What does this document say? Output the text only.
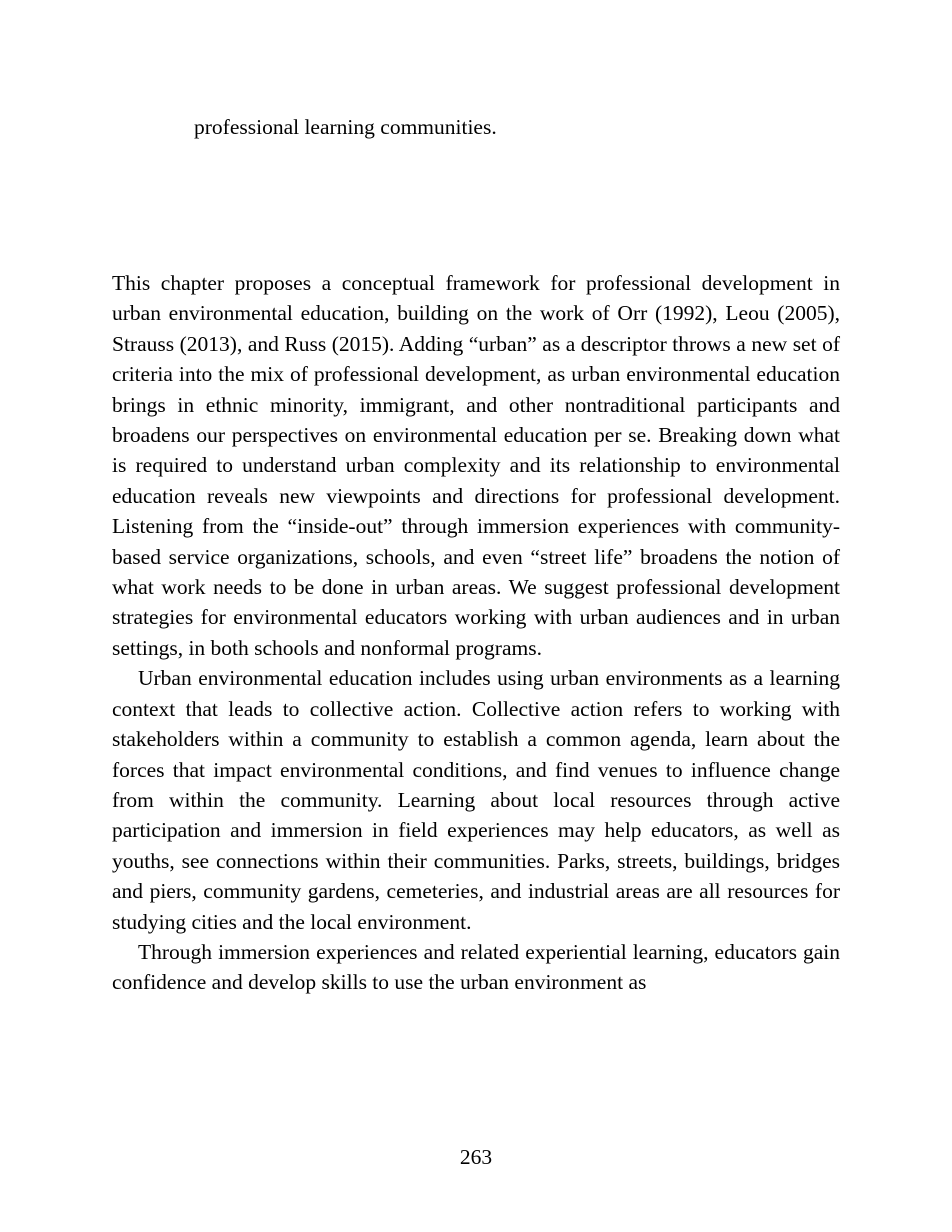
professional learning communities.

This chapter proposes a conceptual framework for professional development in urban environmental education, building on the work of Orr (1992), Leou (2005), Strauss (2013), and Russ (2015). Adding “urban” as a descriptor throws a new set of criteria into the mix of professional development, as urban environmental education brings in ethnic minority, immigrant, and other nontraditional participants and broadens our perspectives on environmental education per se. Breaking down what is required to understand urban complexity and its relationship to environmental education reveals new viewpoints and directions for professional development. Listening from the “inside-out” through immersion experiences with community-based service organizations, schools, and even “street life” broadens the notion of what work needs to be done in urban areas. We suggest professional development strategies for environmental educators working with urban audiences and in urban settings, in both schools and nonformal programs.

Urban environmental education includes using urban environments as a learning context that leads to collective action. Collective action refers to working with stakeholders within a community to establish a common agenda, learn about the forces that impact environmental conditions, and find venues to influence change from within the community. Learning about local resources through active participation and immersion in field experiences may help educators, as well as youths, see connections within their communities. Parks, streets, buildings, bridges and piers, community gardens, cemeteries, and industrial areas are all resources for studying cities and the local environment.

Through immersion experiences and related experiential learning, educators gain confidence and develop skills to use the urban environment as

263
